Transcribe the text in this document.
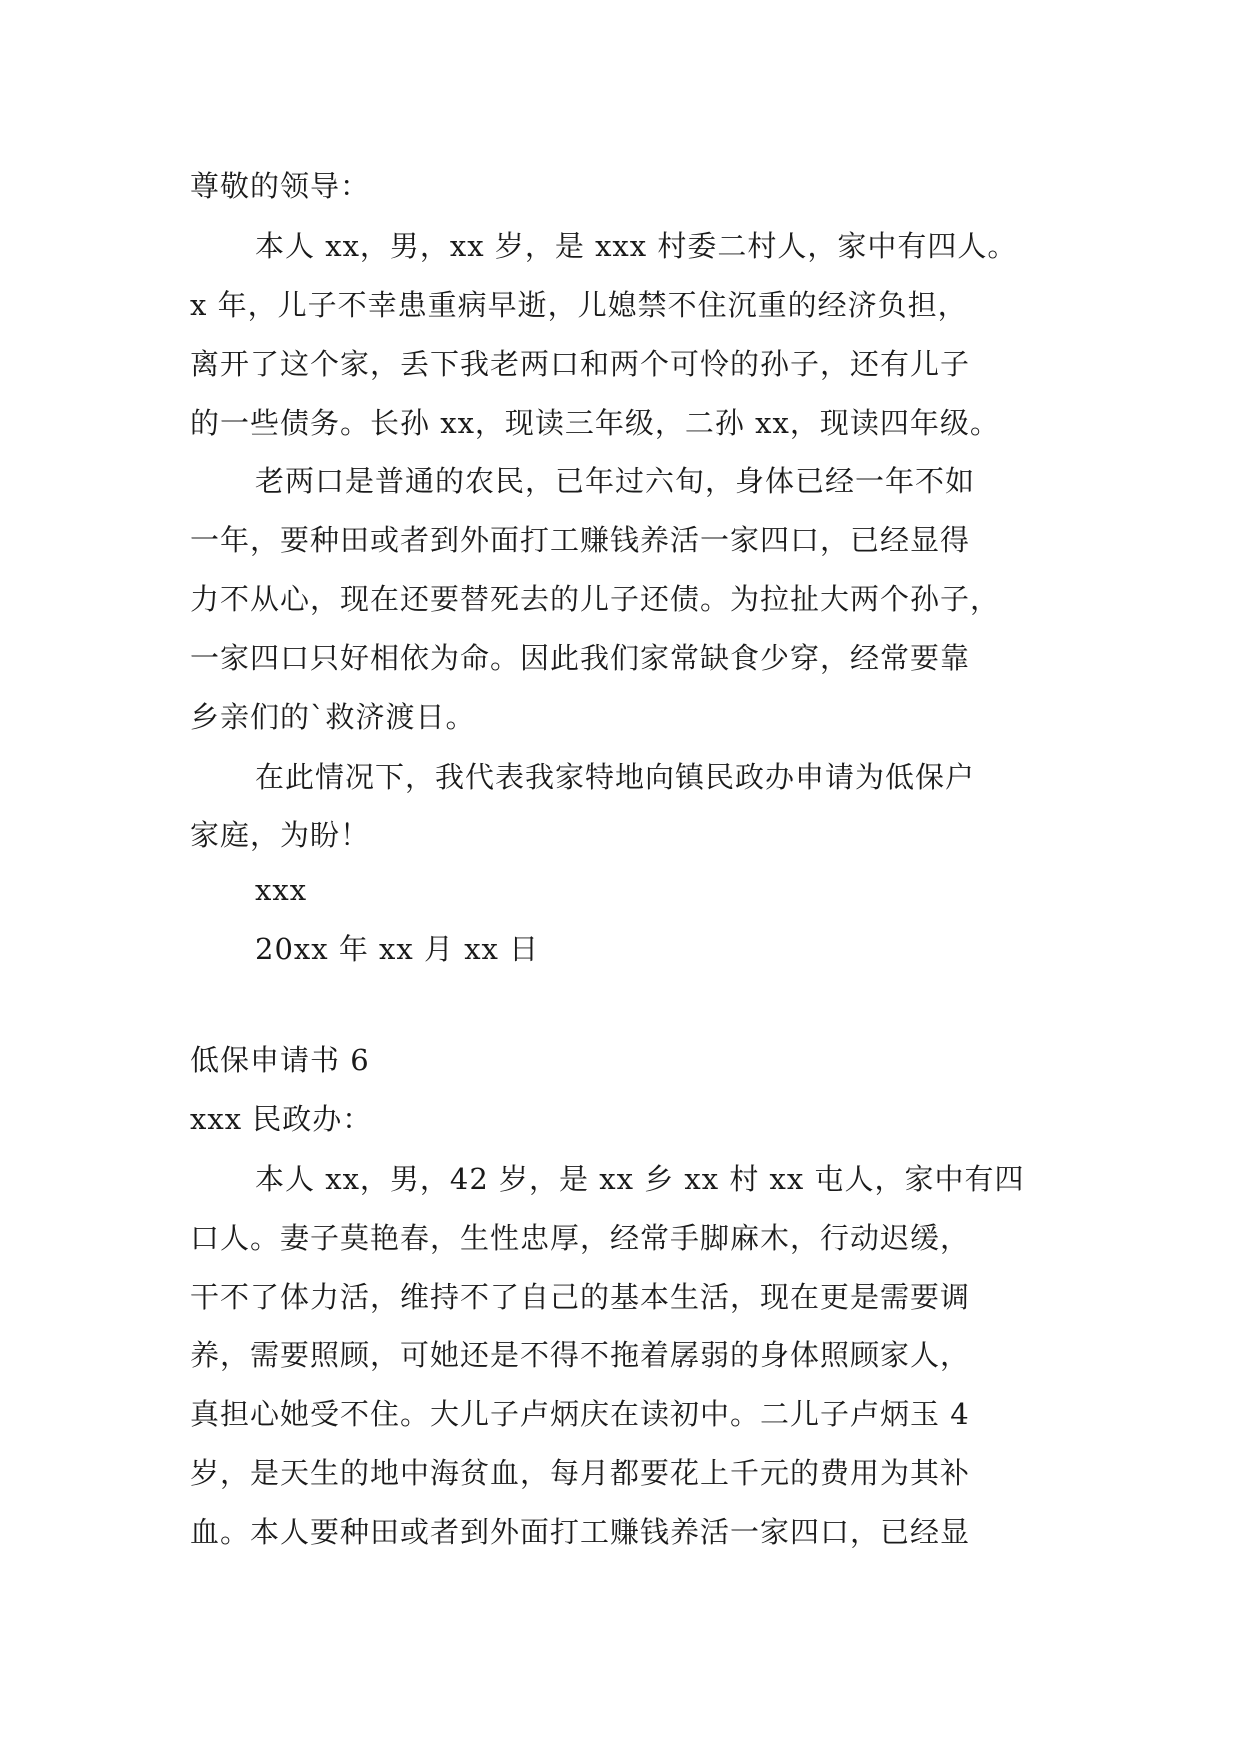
尊敬的领导：

本人 xx，男，xx 岁，是 xxx 村委二村人，家中有四人。

x 年，儿子不幸患重病早逝，儿媳禁不住沉重的经济负担，

离开了这个家，丢下我老两口和两个可怜的孙子，还有儿子

的一些债务。长孙 xx，现读三年级，二孙 xx，现读四年级。

老两口是普通的农民，已年过六旬，身体已经一年不如

一年，要种田或者到外面打工赚钱养活一家四口，已经显得

力不从心，现在还要替死去的儿子还债。为拉扯大两个孙子，

一家四口只好相依为命。因此我们家常缺食少穿，经常要靠

乡亲们的`救济渡日。

在此情况下，我代表我家特地向镇民政办申请为低保户

家庭，为盼！

xxx

20xx 年 xx 月 xx 日

低保申请书 6

xxx 民政办：

本人 xx，男，42 岁，是 xx 乡 xx 村 xx 屯人，家中有四

口人。妻子莫艳春，生性忠厚，经常手脚麻木，行动迟缓，

干不了体力活，维持不了自己的基本生活，现在更是需要调

养，需要照顾，可她还是不得不拖着孱弱的身体照顾家人，

真担心她受不住。大儿子卢炳庆在读初中。二儿子卢炳玉 4

岁，是天生的地中海贫血，每月都要花上千元的费用为其补

血。本人要种田或者到外面打工赚钱养活一家四口，已经显
